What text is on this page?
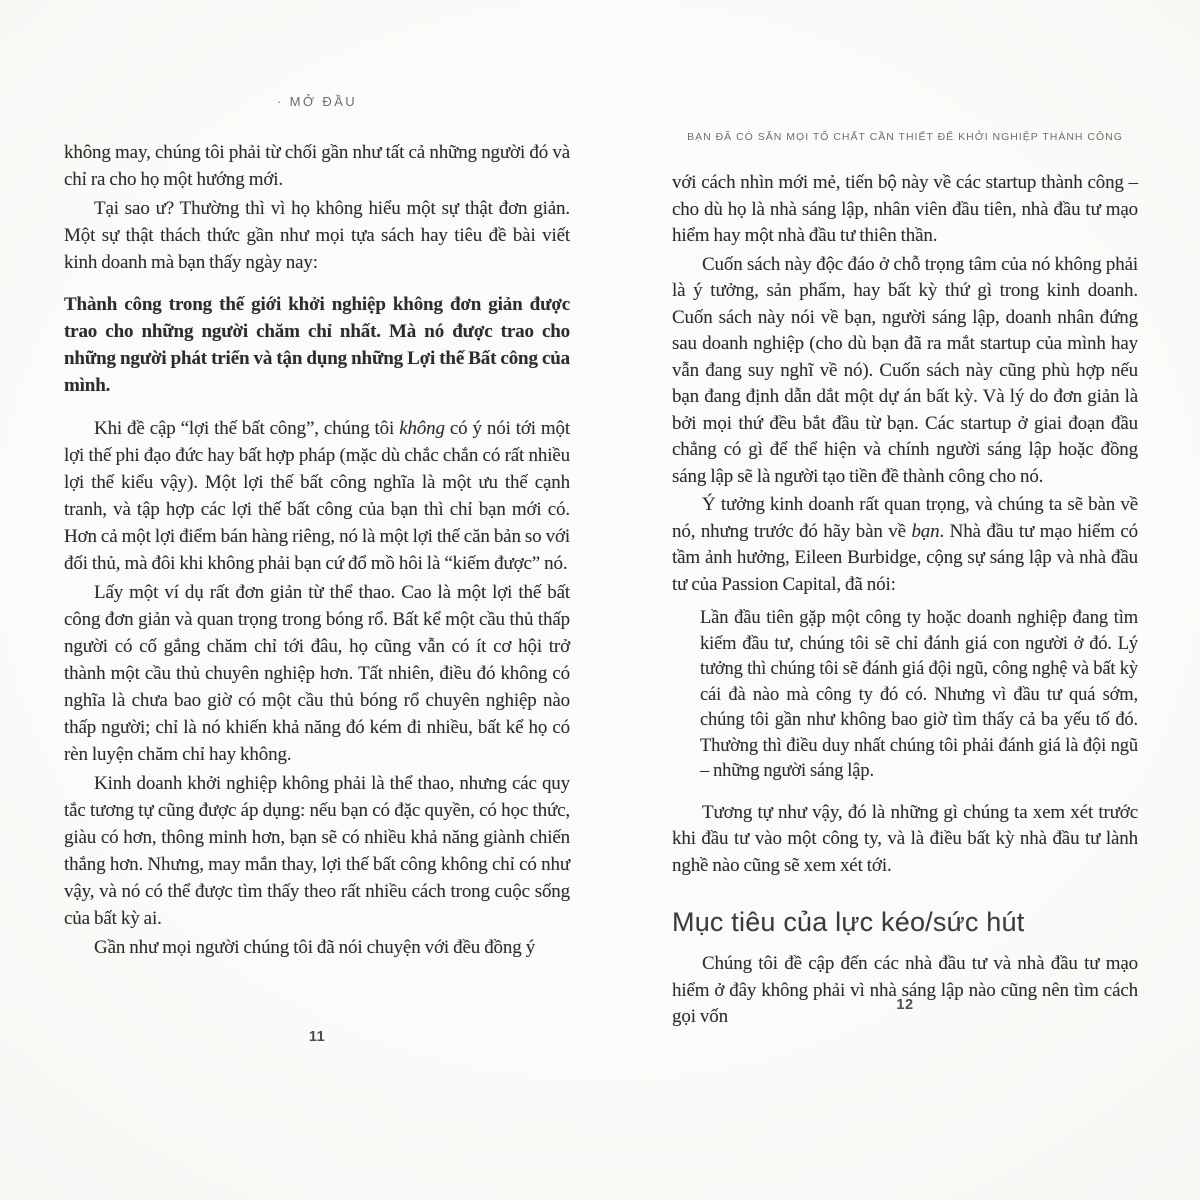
· MỞ ĐẦU

không may, chúng tôi phải từ chối gần như tất cả những người đó và chỉ ra cho họ một hướng mới.

Tại sao ư? Thường thì vì họ không hiểu một sự thật đơn giản. Một sự thật thách thức gần như mọi tựa sách hay tiêu đề bài viết kinh doanh mà bạn thấy ngày nay:

Thành công trong thế giới khởi nghiệp không đơn giản được trao cho những người chăm chỉ nhất. Mà nó được trao cho những người phát triển và tận dụng những Lợi thế Bất công của mình.

Khi đề cập “lợi thế bất công”, chúng tôi không có ý nói tới một lợi thế phi đạo đức hay bất hợp pháp (mặc dù chắc chắn có rất nhiều lợi thế kiểu vậy). Một lợi thế bất công nghĩa là một ưu thế cạnh tranh, và tập hợp các lợi thế bất công của bạn thì chỉ bạn mới có. Hơn cả một lợi điểm bán hàng riêng, nó là một lợi thế căn bản so với đối thủ, mà đôi khi không phải bạn cứ đổ mồ hôi là “kiếm được” nó.

Lấy một ví dụ rất đơn giản từ thể thao. Cao là một lợi thế bất công đơn giản và quan trọng trong bóng rổ. Bất kể một cầu thủ thấp người có cố gắng chăm chỉ tới đâu, họ cũng vẫn có ít cơ hội trở thành một cầu thủ chuyên nghiệp hơn. Tất nhiên, điều đó không có nghĩa là chưa bao giờ có một cầu thủ bóng rổ chuyên nghiệp nào thấp người; chỉ là nó khiến khả năng đó kém đi nhiều, bất kể họ có rèn luyện chăm chỉ hay không.

Kinh doanh khởi nghiệp không phải là thể thao, nhưng các quy tắc tương tự cũng được áp dụng: nếu bạn có đặc quyền, có học thức, giàu có hơn, thông minh hơn, bạn sẽ có nhiều khả năng giành chiến thắng hơn. Nhưng, may mắn thay, lợi thế bất công không chỉ có như vậy, và nó có thể được tìm thấy theo rất nhiều cách trong cuộc sống của bất kỳ ai.

Gần như mọi người chúng tôi đã nói chuyện với đều đồng ý

11
BẠN ĐÃ CÓ SẴN MỌI TỐ CHẤT CẦN THIẾT ĐỂ KHỞI NGHIỆP THÀNH CÔNG

với cách nhìn mới mẻ, tiến bộ này về các startup thành công – cho dù họ là nhà sáng lập, nhân viên đầu tiên, nhà đầu tư mạo hiểm hay một nhà đầu tư thiên thần.

Cuốn sách này độc đáo ở chỗ trọng tâm của nó không phải là ý tưởng, sản phẩm, hay bất kỳ thứ gì trong kinh doanh. Cuốn sách này nói về bạn, người sáng lập, doanh nhân đứng sau doanh nghiệp (cho dù bạn đã ra mắt startup của mình hay vẫn đang suy nghĩ về nó). Cuốn sách này cũng phù hợp nếu bạn đang định dẫn dắt một dự án bất kỳ. Và lý do đơn giản là bởi mọi thứ đều bắt đầu từ bạn. Các startup ở giai đoạn đầu chẳng có gì để thể hiện và chính người sáng lập hoặc đồng sáng lập sẽ là người tạo tiền đề thành công cho nó.

Ý tưởng kinh doanh rất quan trọng, và chúng ta sẽ bàn về nó, nhưng trước đó hãy bàn về bạn. Nhà đầu tư mạo hiểm có tầm ảnh hưởng, Eileen Burbidge, cộng sự sáng lập và nhà đầu tư của Passion Capital, đã nói:

Lần đầu tiên gặp một công ty hoặc doanh nghiệp đang tìm kiếm đầu tư, chúng tôi sẽ chỉ đánh giá con người ở đó. Lý tưởng thì chúng tôi sẽ đánh giá đội ngũ, công nghệ và bất kỳ cái đà nào mà công ty đó có. Nhưng vì đầu tư quá sớm, chúng tôi gần như không bao giờ tìm thấy cả ba yếu tố đó. Thường thì điều duy nhất chúng tôi phải đánh giá là đội ngũ – những người sáng lập.

Tương tự như vậy, đó là những gì chúng ta xem xét trước khi đầu tư vào một công ty, và là điều bất kỳ nhà đầu tư lành nghề nào cũng sẽ xem xét tới.

Mục tiêu của lực kéo/sức hút

Chúng tôi đề cập đến các nhà đầu tư và nhà đầu tư mạo hiểm ở đây không phải vì nhà sáng lập nào cũng nên tìm cách gọi vốn

12
